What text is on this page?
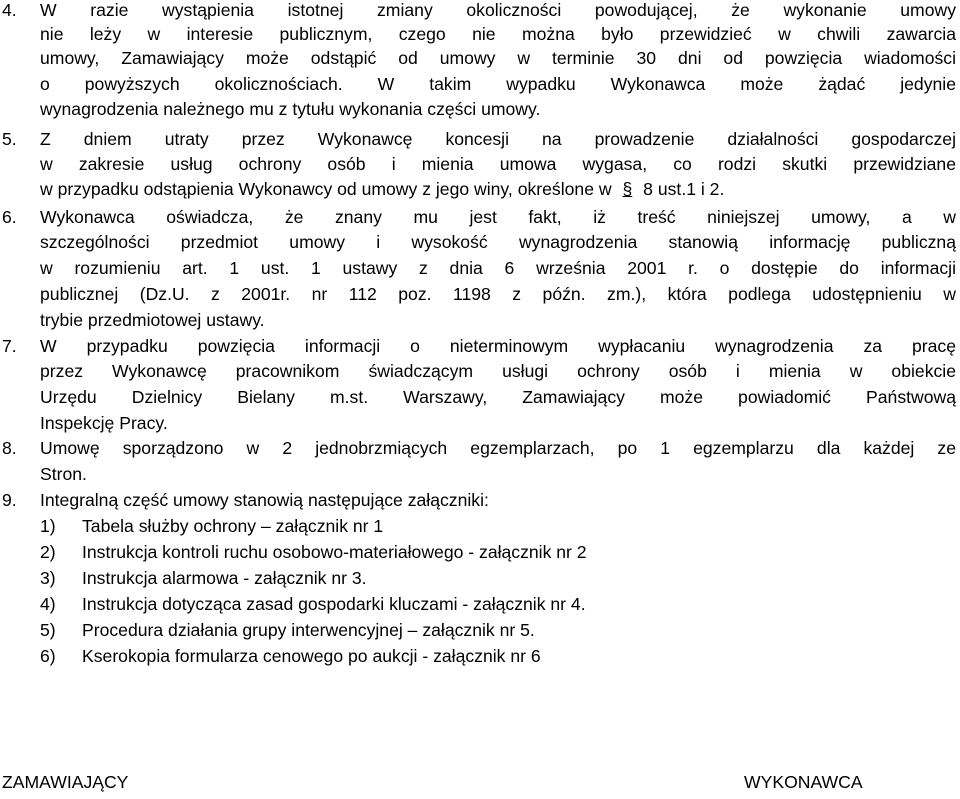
4. W razie wystąpienia istotnej zmiany okoliczności powodującej, że wykonanie umowy
nie leży w interesie publicznym, czego nie można było przewidzieć w chwili zawarcia
umowy, Zamawiający może odstąpić od umowy w terminie 30 dni od powzięcia wiadomości
o powyższych okolicznościach. W takim wypadku Wykonawca może żądać jedynie
wynagrodzenia należnego mu z tytułu wykonania części umowy.
5. Z dniem utraty przez Wykonawcę koncesji na prowadzenie działalności gospodarczej
w zakresie usług ochrony osób i mienia umowa wygasa, co rodzi skutki przewidziane
w przypadku odstąpienia Wykonawcy od umowy z jego winy, określone w § 8 ust.1 i 2.
6. Wykonawca oświadcza, że znany mu jest fakt, iż treść niniejszej umowy, a w
szczególności przedmiot umowy i wysokość wynagrodzenia stanowią informację publiczną
w rozumieniu art. 1 ust. 1 ustawy z dnia 6 września 2001 r. o dostępie do informacji
publicznej (Dz.U. z 2001r. nr 112 poz. 1198 z późn. zm.), która podlega udostępnieniu w
trybie przedmiotowej ustawy.
7. W przypadku powzięcia informacji o nieterminowym wypłacaniu wynagrodzenia za pracę
przez Wykonawcę pracownikom świadczącym usługi ochrony osób i mienia w obiekcie
Urzędu Dzielnicy Bielany m.st. Warszawy, Zamawiający może powiadomić Państwową
Inspekcję Pracy.
8. Umowę sporządzono w 2 jednobrzmiących egzemplarzach, po 1 egzemplarzu dla każdej ze
Stron.
9. Integralną część umowy stanowią następujące załączniki:
1) Tabela służby ochrony – załącznik nr 1
2) Instrukcja kontroli ruchu osobowo-materiałowego - załącznik nr 2
3) Instrukcja alarmowa - załącznik nr 3.
4) Instrukcja dotycząca zasad gospodarki kluczami - załącznik nr 4.
5) Procedura działania grupy interwencyjnej – załącznik nr 5.
6) Kserokopia formularza cenowego po aukcji - załącznik nr 6
ZAMAWIAJĄCY	WYKONAWCA
